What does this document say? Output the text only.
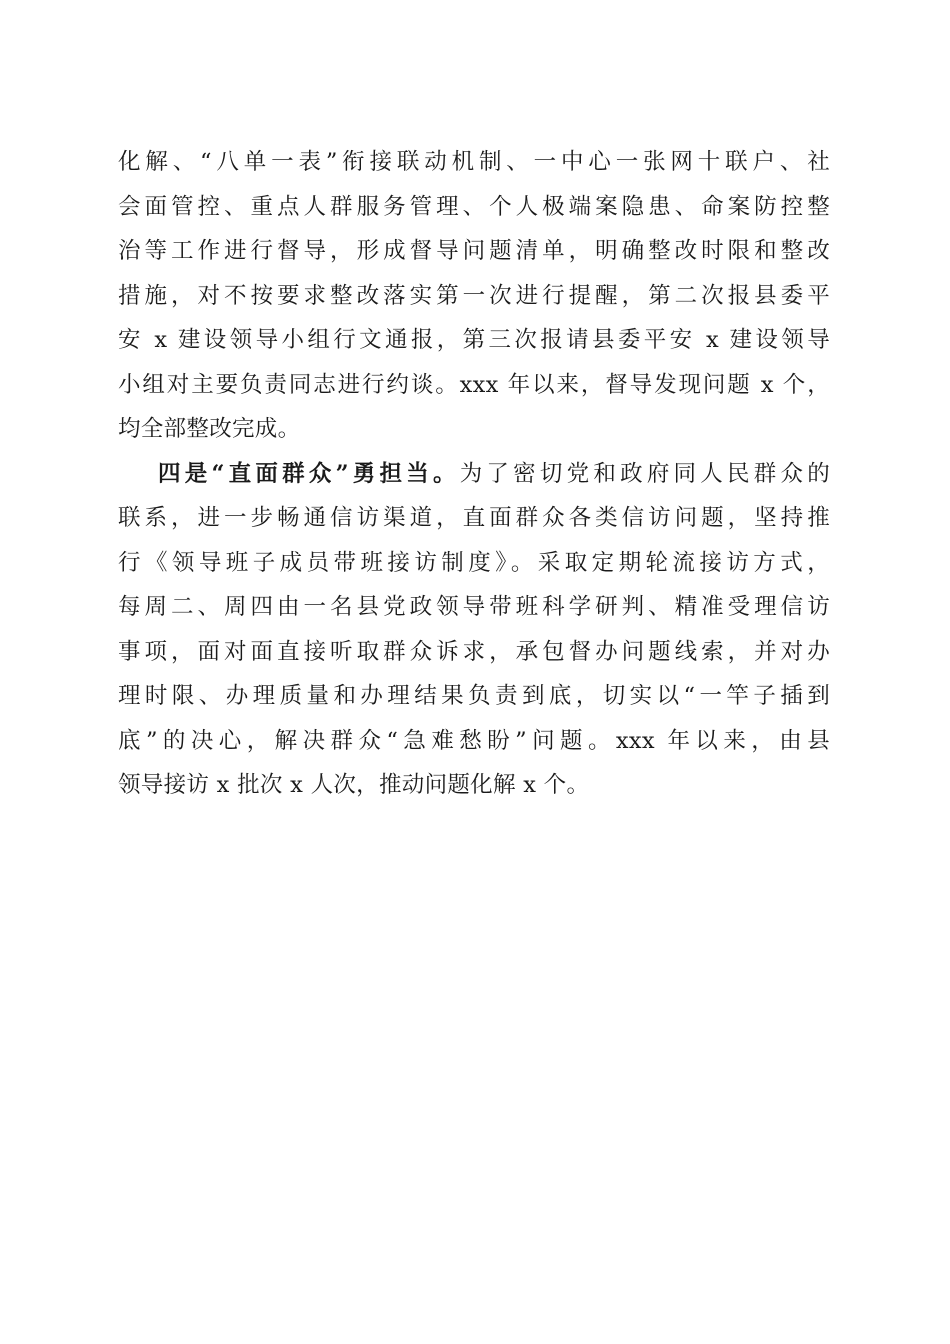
化解、“八单一表”衔接联动机制、一中心一张网十联户、社
会面管控、重点人群服务管理、个人极端案隐患、命案防控整
治等工作进行督导，形成督导问题清单，明确整改时限和整改
措施，对不按要求整改落实第一次进行提醒，第二次报县委平
安 x 建设领导小组行文通报，第三次报请县委平安 x 建设领导
小组对主要负责同志进行约谈。xxx 年以来，督导发现问题 x 个，
均全部整改完成。
四是“直面群众”勇担当。为了密切党和政府同人民群众的
联系，进一步畅通信访渠道，直面群众各类信访问题，坚持推
行《领导班子成员带班接访制度》。采取定期轮流接访方式，
每周二、周四由一名县党政领导带班科学研判、精准受理信访
事项，面对面直接听取群众诉求，承包督办问题线索，并对办
理时限、办理质量和办理结果负责到底，切实以“一竿子插到
底”的决心，解决群众“急难愁盼”问题。xxx 年以来，由县
领导接访 x 批次 x 人次，推动问题化解 x 个。
